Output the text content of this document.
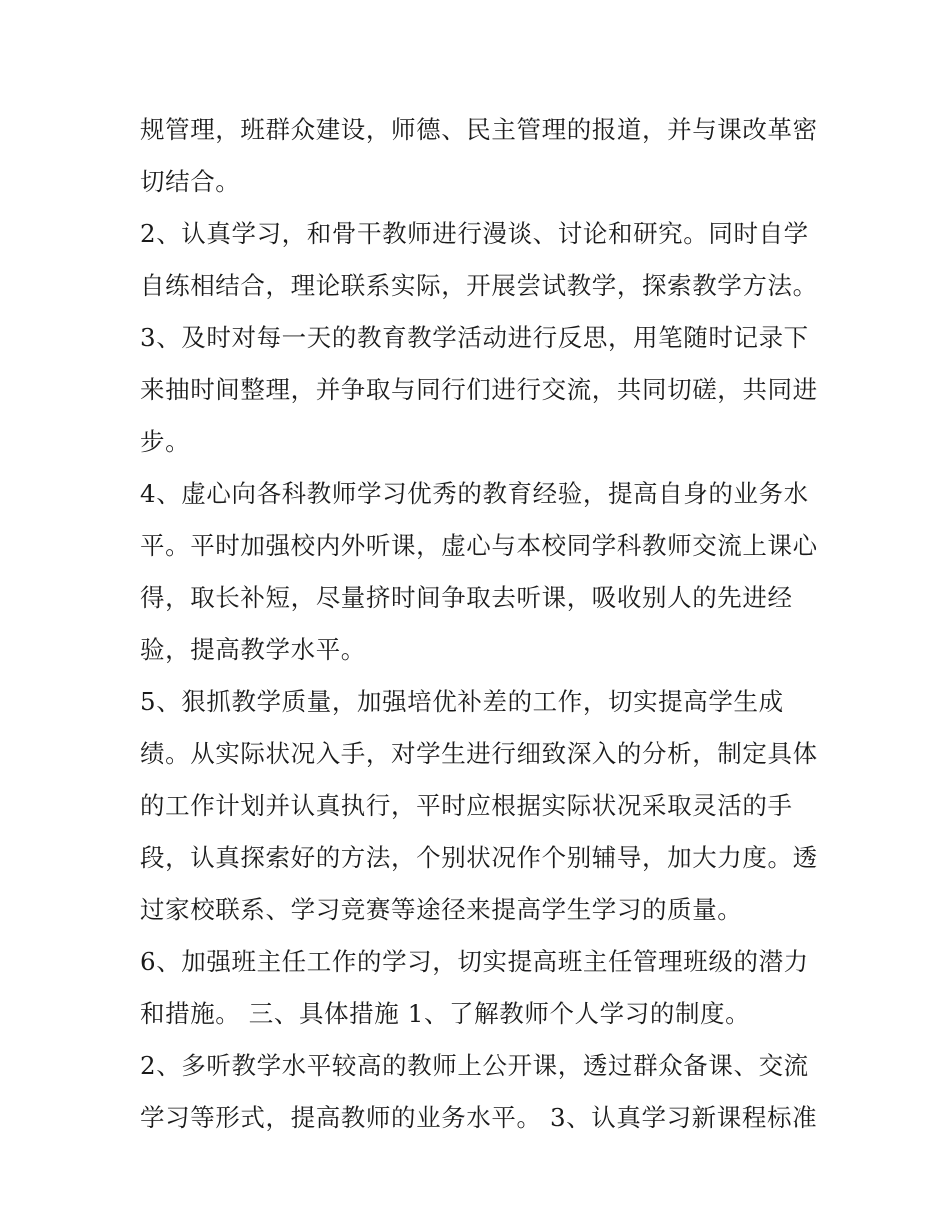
规管理，班群众建设，师德、民主管理的报道，并与课改革密
切结合。
2、认真学习，和骨干教师进行漫谈、讨论和研究。同时自学
自练相结合，理论联系实际，开展尝试教学，探索教学方法。
3、及时对每一天的教育教学活动进行反思，用笔随时记录下
来抽时间整理，并争取与同行们进行交流，共同切磋，共同进
步。
4、虚心向各科教师学习优秀的教育经验，提高自身的业务水
平。平时加强校内外听课，虚心与本校同学科教师交流上课心
得，取长补短，尽量挤时间争取去听课，吸收别人的先进经
验，提高教学水平。
5、狠抓教学质量，加强培优补差的工作，切实提高学生成
绩。从实际状况入手，对学生进行细致深入的分析，制定具体
的工作计划并认真执行，平时应根据实际状况采取灵活的手
段，认真探索好的方法，个别状况作个别辅导，加大力度。透
过家校联系、学习竞赛等途径来提高学生学习的质量。
6、加强班主任工作的学习，切实提高班主任管理班级的潜力
和措施。 三、具体措施 1、了解教师个人学习的制度。
2、多听教学水平较高的教师上公开课，透过群众备课、交流
学习等形式，提高教师的业务水平。 3、认真学习新课程标准
